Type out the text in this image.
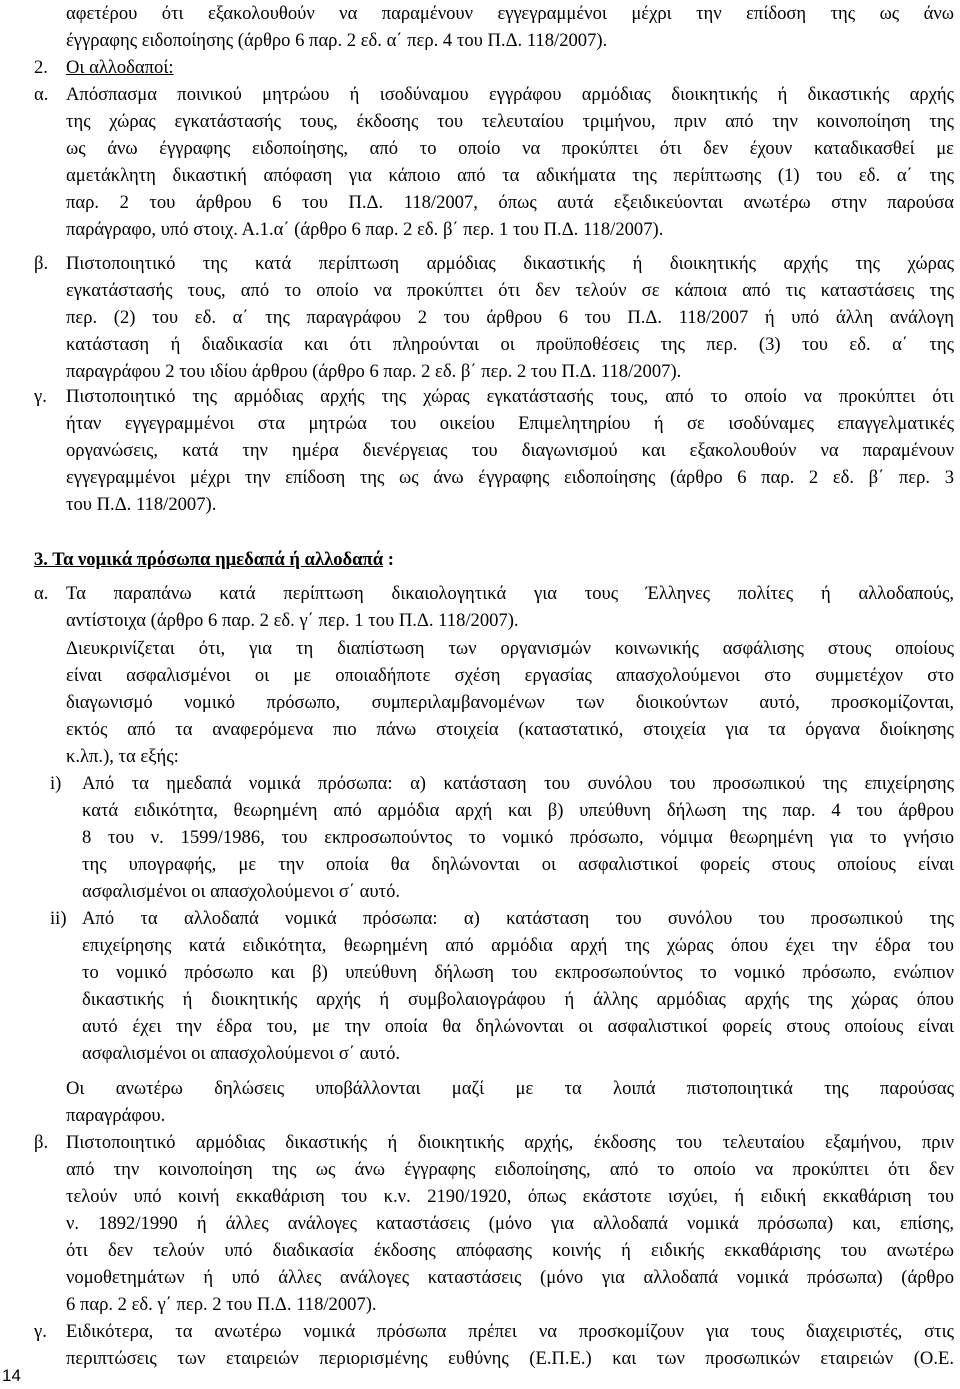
αφετέρου ότι εξακολουθούν να παραμένουν εγγεγραμμένοι μέχρι την επίδοση της ως άνω
έγγραφης ειδοποίησης (άρθρο 6 παρ. 2 εδ. α΄ περ. 4 του Π.Δ. 118/2007).
2. Οι αλλοδαποί:
α. Απόσπασμα ποινικού μητρώου ή ισοδύναμου εγγράφου αρμόδιας διοικητικής ή δικαστικής αρχής
της χώρας εγκατάστασής τους, έκδοσης του τελευταίου τριμήνου, πριν από την κοινοποίηση της
ως άνω έγγραφης ειδοποίησης, από το οποίο να προκύπτει ότι δεν έχουν καταδικασθεί με
αμετάκλητη δικαστική απόφαση για κάποιο από τα αδικήματα της περίπτωσης (1) του εδ. α΄ της
παρ. 2 του άρθρου 6 του Π.Δ. 118/2007, όπως αυτά εξειδικεύονται ανωτέρω στην παρούσα
παράγραφο, υπό στοιχ. Α.1.α΄ (άρθρο 6 παρ. 2 εδ. β΄ περ. 1 του Π.Δ. 118/2007).
β. Πιστοποιητικό της κατά περίπτωση αρμόδιας δικαστικής ή διοικητικής αρχής της χώρας
εγκατάστασής τους, από το οποίο να προκύπτει ότι δεν τελούν σε κάποια από τις καταστάσεις της
περ. (2) του εδ. α΄ της παραγράφου 2 του άρθρου 6 του Π.Δ. 118/2007 ή υπό άλλη ανάλογη
κατάσταση ή διαδικασία και ότι πληρούνται οι προϋποθέσεις της περ. (3) του εδ. α΄ της
παραγράφου 2 του ιδίου άρθρου (άρθρο 6 παρ. 2 εδ. β΄ περ. 2 του Π.Δ. 118/2007).
γ. Πιστοποιητικό της αρμόδιας αρχής της χώρας εγκατάστασής τους, από το οποίο να προκύπτει ότι
ήταν εγγεγραμμένοι στα μητρώα του οικείου Επιμελητηρίου ή σε ισοδύναμες επαγγελματικές
οργανώσεις, κατά την ημέρα διενέργειας του διαγωνισμού και εξακολουθούν να παραμένουν
εγγεγραμμένοι μέχρι την επίδοση της ως άνω έγγραφης ειδοποίησης (άρθρο 6 παρ. 2 εδ. β΄ περ. 3
του Π.Δ. 118/2007).
3. Τα νομικά πρόσωπα ημεδαπά ή αλλοδαπά :
α. Τα παραπάνω κατά περίπτωση δικαιολογητικά για τους Έλληνες πολίτες ή αλλοδαπούς,
αντίστοιχα (άρθρο 6 παρ. 2 εδ. γ΄ περ. 1 του Π.Δ. 118/2007).
Διευκρινίζεται ότι, για τη διαπίστωση των οργανισμών κοινωνικής ασφάλισης στους οποίους
είναι ασφαλισμένοι οι με οποιαδήποτε σχέση εργασίας απασχολούμενοι στο συμμετέχον στο
διαγωνισμό νομικό πρόσωπο, συμπεριλαμβανομένων των διοικούντων αυτό, προσκομίζονται,
εκτός από τα αναφερόμενα πιο πάνω στοιχεία (καταστατικό, στοιχεία για τα όργανα διοίκησης
κ.λπ.), τα εξής:
i) Από τα ημεδαπά νομικά πρόσωπα: α) κατάσταση του συνόλου του προσωπικού της επιχείρησης
κατά ειδικότητα, θεωρημένη από αρμόδια αρχή και β) υπεύθυνη δήλωση της παρ. 4 του άρθρου
8 του ν. 1599/1986, του εκπροσωπούντος το νομικό πρόσωπο, νόμιμα θεωρημένη για το γνήσιο
της υπογραφής, με την οποία θα δηλώνονται οι ασφαλιστικοί φορείς στους οποίους είναι
ασφαλισμένοι οι απασχολούμενοι σ΄ αυτό.
ii) Από τα αλλοδαπά νομικά πρόσωπα: α) κατάσταση του συνόλου του προσωπικού της
επιχείρησης κατά ειδικότητα, θεωρημένη από αρμόδια αρχή της χώρας όπου έχει την έδρα του
το νομικό πρόσωπο και β) υπεύθυνη δήλωση του εκπροσωπούντος το νομικό πρόσωπο, ενώπιον
δικαστικής ή διοικητικής αρχής ή συμβολαιογράφου ή άλλης αρμόδιας αρχής της χώρας όπου
αυτό έχει την έδρα του, με την οποία θα δηλώνονται οι ασφαλιστικοί φορείς στους οποίους είναι
ασφαλισμένοι οι απασχολούμενοι σ΄ αυτό.
Οι ανωτέρω δηλώσεις υποβάλλονται μαζί με τα λοιπά πιστοποιητικά της παρούσας
παραγράφου.
β. Πιστοποιητικό αρμόδιας δικαστικής ή διοικητικής αρχής, έκδοσης του τελευταίου εξαμήνου, πριν
από την κοινοποίηση της ως άνω έγγραφης ειδοποίησης, από το οποίο να προκύπτει ότι δεν
τελούν υπό κοινή εκκαθάριση του κ.ν. 2190/1920, όπως εκάστοτε ισχύει, ή ειδική εκκαθάριση του
ν. 1892/1990 ή άλλες ανάλογες καταστάσεις (μόνο για αλλοδαπά νομικά πρόσωπα) και, επίσης,
ότι δεν τελούν υπό διαδικασία έκδοσης απόφασης κοινής ή ειδικής εκκαθάρισης του ανωτέρω
νομοθετημάτων ή υπό άλλες ανάλογες καταστάσεις (μόνο για αλλοδαπά νομικά πρόσωπα) (άρθρο
6 παρ. 2 εδ. γ΄ περ. 2 του Π.Δ. 118/2007).
γ. Ειδικότερα, τα ανωτέρω νομικά πρόσωπα πρέπει να προσκομίζουν για τους διαχειριστές, στις
περιπτώσεις των εταιρειών περιορισμένης ευθύνης (Ε.Π.Ε.) και των προσωπικών εταιρειών (Ο.Ε.
14
